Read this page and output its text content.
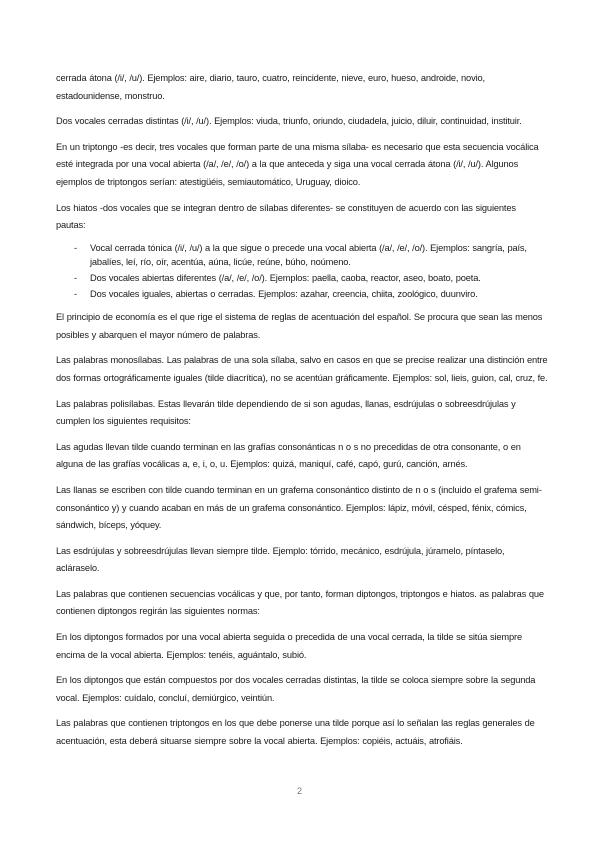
cerrada átona (/i/, /u/). Ejemplos: aire, diario, tauro, cuatro, reincidente, nieve, euro, hueso, androide, novio, estadounidense, monstruo.

Dos vocales cerradas distintas (/i/, /u/). Ejemplos: viuda, triunfo, oriundo, ciudadela, juicio, diluir, continuidad, instituir.

En un triptongo -es decir, tres vocales que forman parte de una misma sílaba- es necesario que esta secuencia vocálica esté integrada por una vocal abierta (/a/, /e/, /o/) a la que anteceda y siga una vocal cerrada átona (/i/, /u/). Algunos ejemplos de triptongos serían: atestigüéis, semiautomático, Uruguay, dioico.

Los hiatos -dos vocales que se integran dentro de sílabas diferentes- se constituyen de acuerdo con las siguientes pautas:

- Vocal cerrada tónica (/i/, /u/) a la que sigue o precede una vocal abierta (/a/, /e/, /o/). Ejemplos: sangría, país, jabalíes, leí, río, oír, acentúa, aúna, licúe, reúne, búho, noúmeno.
- Dos vocales abiertas diferentes (/a/, /e/, /o/). Ejemplos: paella, caoba, reactor, aseo, boato, poeta.
- Dos vocales iguales, abiertas o cerradas. Ejemplos: azahar, creencia, chiita, zoológico, duunviro.

El principio de economía es el que rige el sistema de reglas de acentuación del español. Se procura que sean las menos posibles y abarquen el mayor número de palabras.

Las palabras monosílabas. Las palabras de una sola sílaba, salvo en casos en que se precise realizar una distinción entre dos formas ortográficamente iguales (tilde diacrítica), no se acentúan gráficamente. Ejemplos: sol, lieis, guion, cal, cruz, fe.

Las palabras polisílabas. Estas llevarán tilde dependiendo de si son agudas, llanas, esdrújulas o sobreesdrújulas y cumplen los siguientes requisitos:

Las agudas llevan tilde cuando terminan en las grafías consonánticas n o s no precedidas de otra consonante, o en alguna de las grafías vocálicas a, e, i, o, u. Ejemplos: quizá, maniquí, café, capó, gurú, canción, arnés.

Las llanas se escriben con tilde cuando terminan en un grafema consonántico distinto de n o s (incluido el grafema semi-consonántico y) y cuando acaban en más de un grafema consonántico. Ejemplos: lápiz, móvil, césped, fénix, cómics, sándwich, bíceps, yóquey.

Las esdrújulas y sobreesdrújulas llevan siempre tilde. Ejemplo: tórrido, mecánico, esdrújula, júramelo, píntaselo, acláraselo.

Las palabras que contienen secuencias vocálicas y que, por tanto, forman diptongos, triptongos e hiatos. as palabras que contienen diptongos regirán las siguientes normas:

En los diptongos formados por una vocal abierta seguida o precedida de una vocal cerrada, la tilde se sitúa siempre encima de la vocal abierta. Ejemplos: tenéis, aguántalo, subió.

En los diptongos que están compuestos por dos vocales cerradas distintas, la tilde se coloca siempre sobre la segunda vocal. Ejemplos: cuídalo, concluí, demiúrgico, veintiún.

Las palabras que contienen triptongos en los que debe ponerse una tilde porque así lo señalan las reglas generales de acentuación, esta deberá situarse siempre sobre la vocal abierta. Ejemplos: copiéis, actuáis, atrofiáis.

2
